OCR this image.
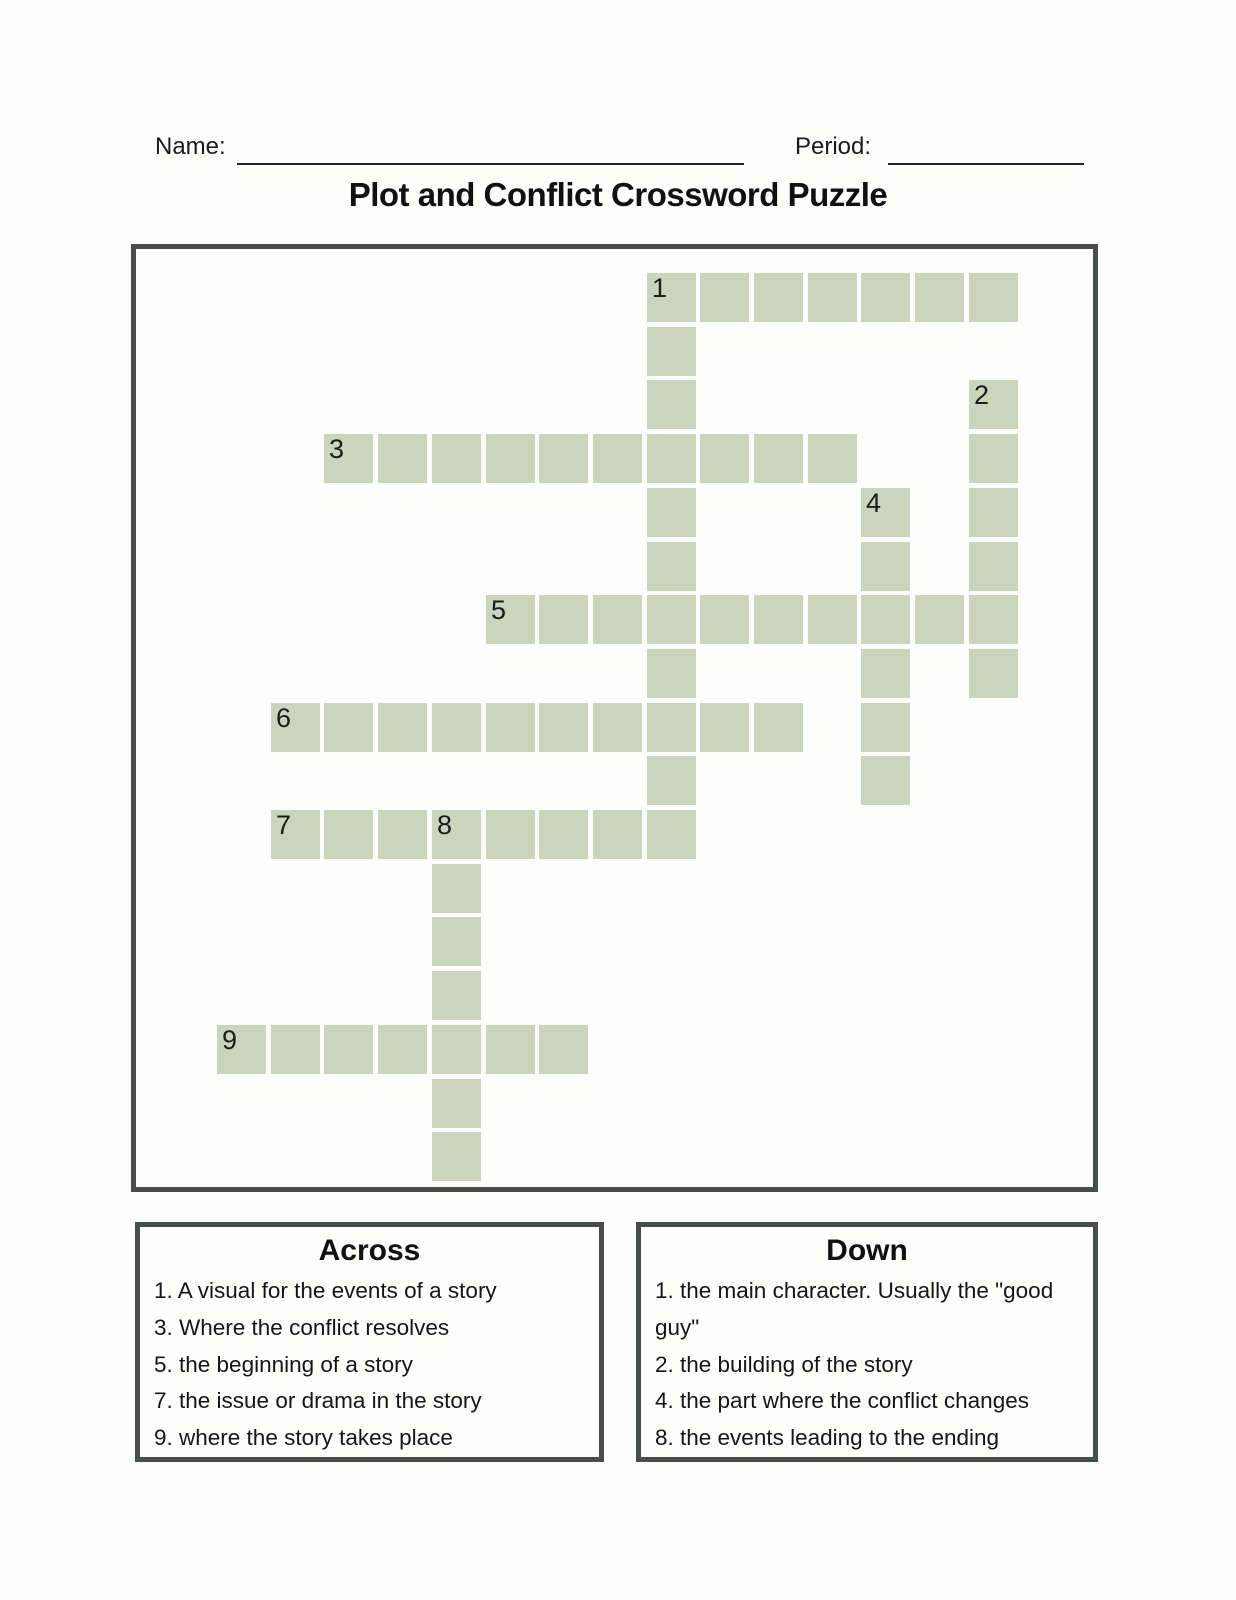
Name:	Period:
Plot and Conflict Crossword Puzzle
1
2
3
4
5
6
7	8
9
Across
1. A visual for the events of a story
3. Where the conflict resolves
5. the beginning of a story
7. the issue or drama in the story
9. where the story takes place
Down
1. the main character. Usually the "good guy"
2. the building of the story
4. the part where the conflict changes
8. the events leading to the ending
